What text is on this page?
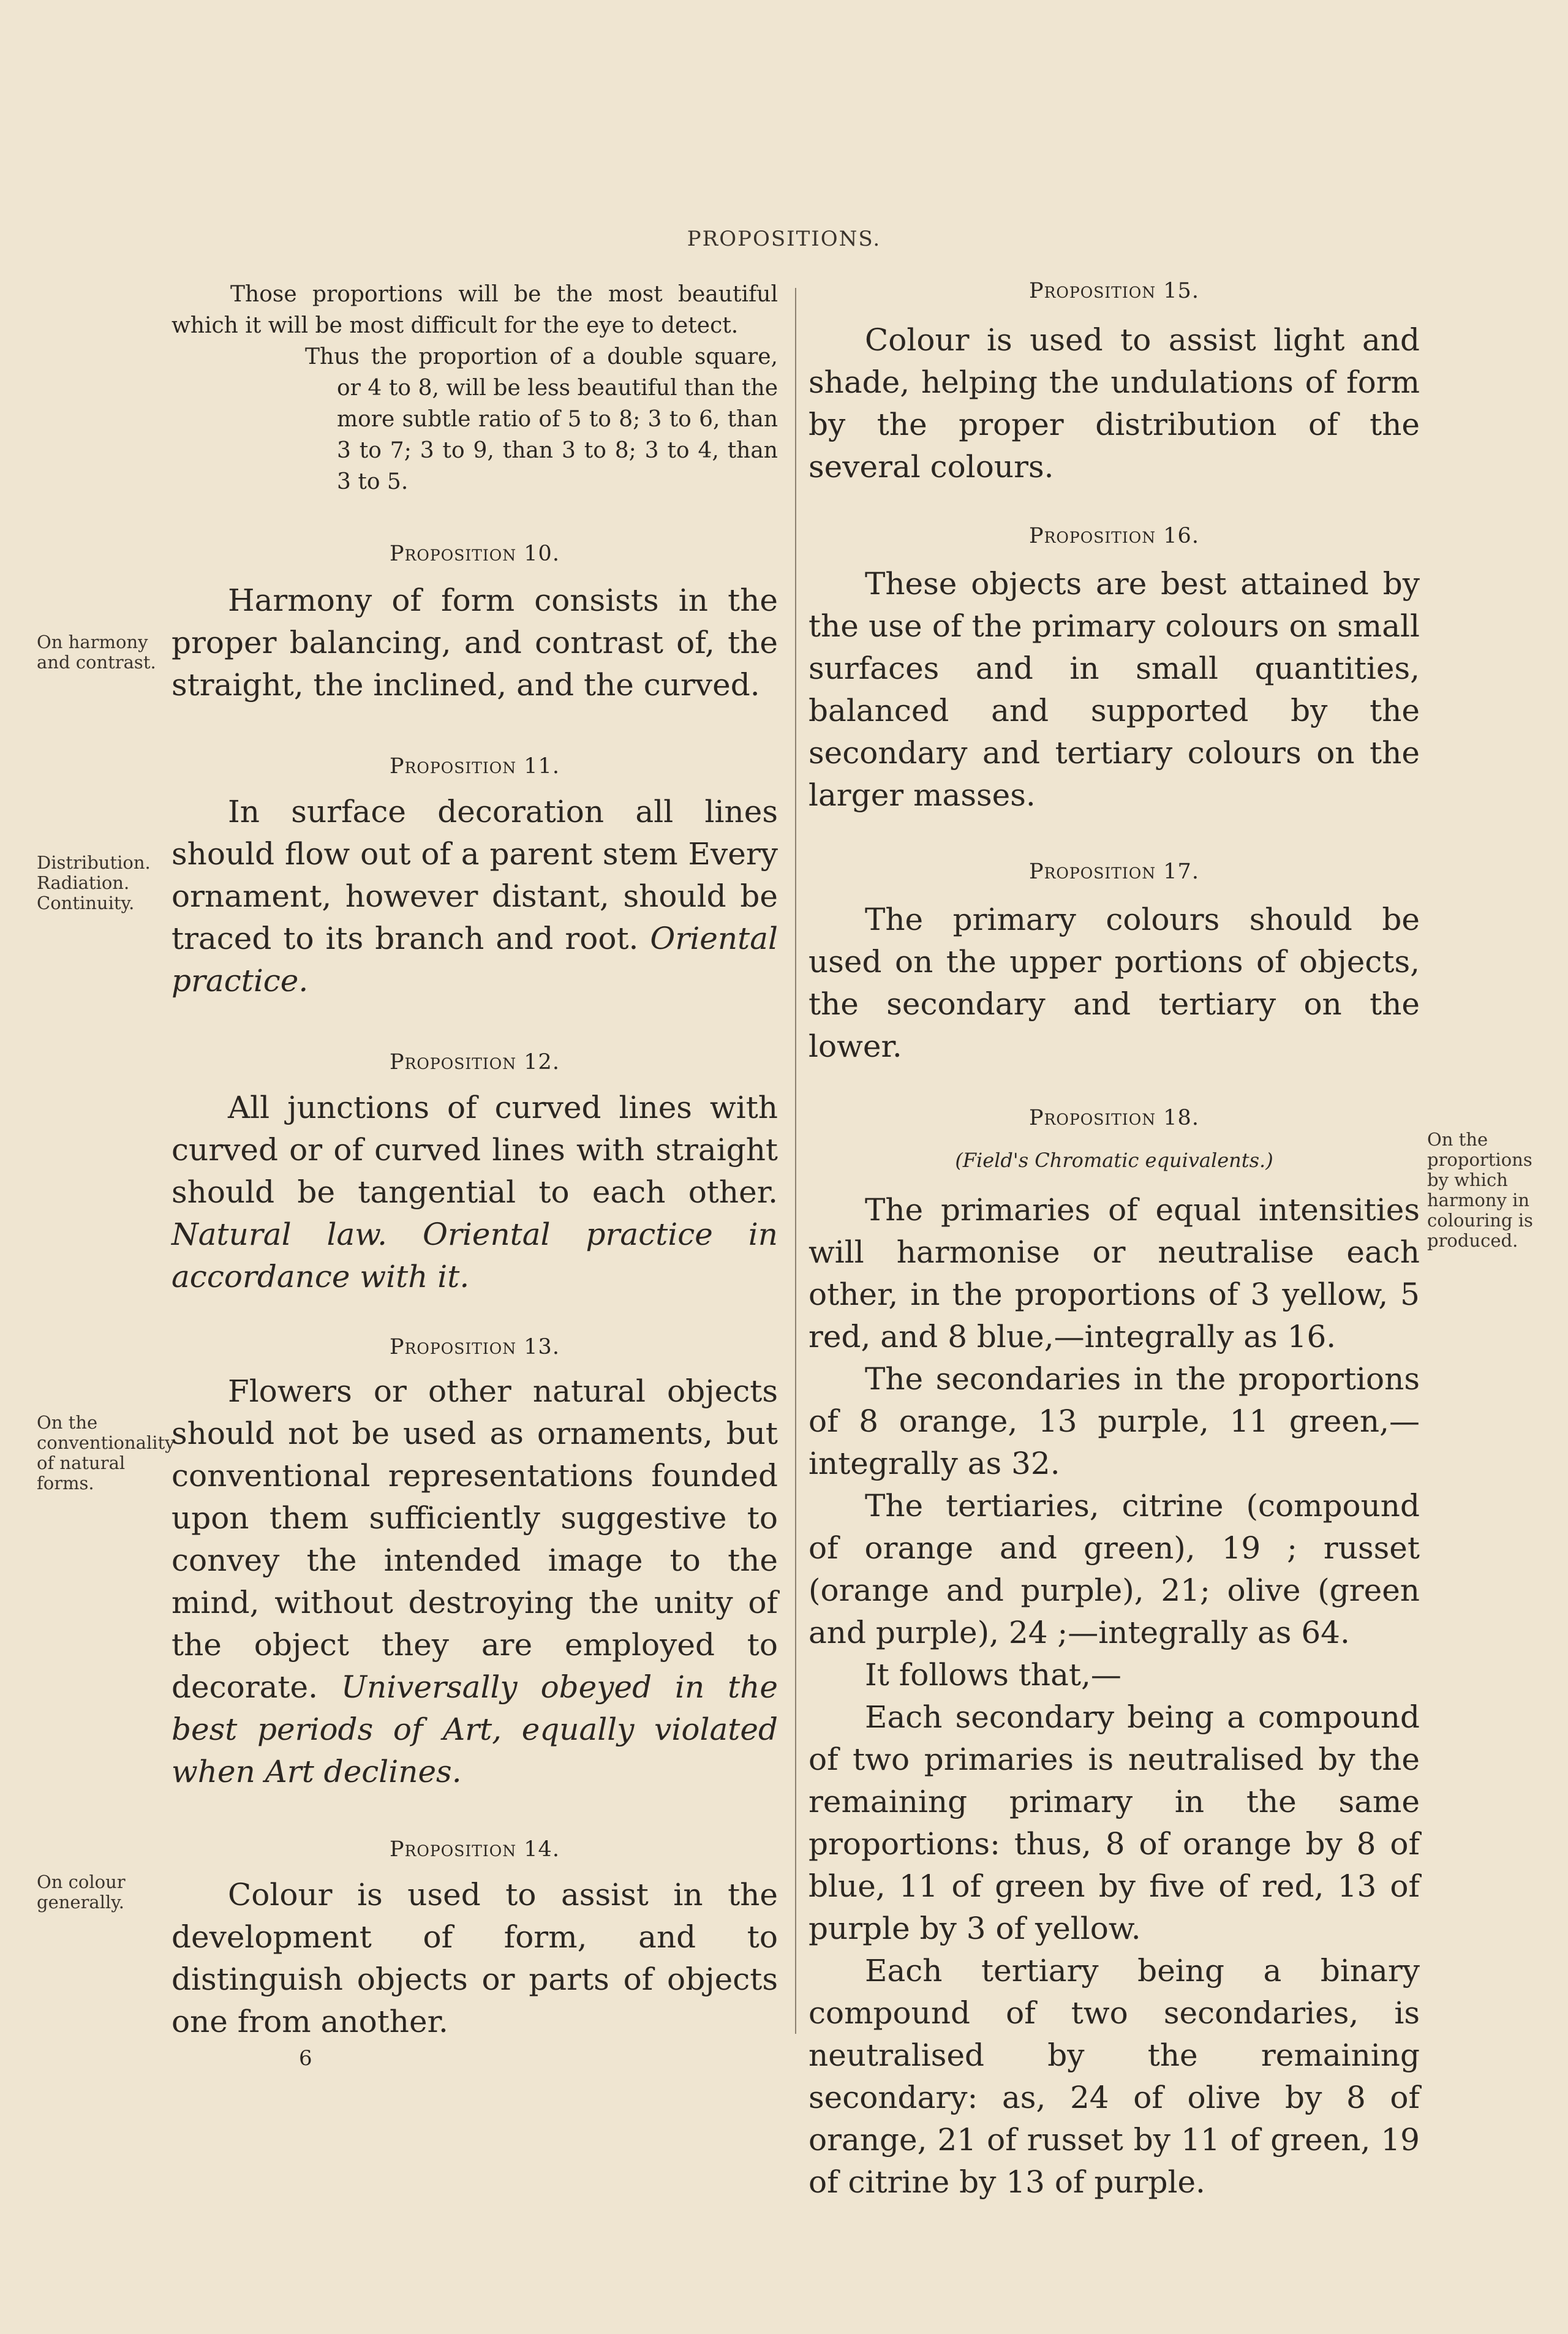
PROPOSITIONS.

On harmony and contrast.

Distribution.
Radiation.
Continuity.

On the conventionality of natural forms.

On colour generally.

On the proportions by which harmony in colouring is produced.

Those proportions will be the most beautiful which it will be most difficult for the eye to detect.

Thus the proportion of a double square, or 4 to 8, will be less beautiful than the more subtle ratio of 5 to 8; 3 to 6, than 3 to 7; 3 to 9, than 3 to 8; 3 to 4, than 3 to 5.

Proposition 10.

Harmony of form consists in the proper balancing, and contrast of, the straight, the inclined, and the curved.

Proposition 11.

In surface decoration all lines should flow out of a parent stem Every ornament, however distant, should be traced to its branch and root. Oriental practice.

Proposition 12.

All junctions of curved lines with curved or of curved lines with straight should be tangential to each other. Natural law. Oriental practice in accordance with it.

Proposition 13.

Flowers or other natural objects should not be used as ornaments, but conventional representations founded upon them sufficiently suggestive to convey the intended image to the mind, without destroying the unity of the object they are employed to decorate. Universally obeyed in the best periods of Art, equally violated when Art declines.

Proposition 14.

Colour is used to assist in the development of form, and to distinguish objects or parts of objects one from another.

Proposition 15.

Colour is used to assist light and shade, helping the undulations of form by the proper distribution of the several colours.

Proposition 16.

These objects are best attained by the use of the primary colours on small surfaces and in small quantities, balanced and supported by the secondary and tertiary colours on the larger masses.

Proposition 17.

The primary colours should be used on the upper portions of objects, the secondary and tertiary on the lower.

Proposition 18.

(Field's Chromatic equivalents.)

The primaries of equal intensities will harmonise or neutralise each other, in the proportions of 3 yellow, 5 red, and 8 blue,—integrally as 16.

The secondaries in the proportions of 8 orange, 13 purple, 11 green,—integrally as 32.

The tertiaries, citrine (compound of orange and green), 19 ; russet (orange and purple), 21; olive (green and purple), 24 ;—integrally as 64.

It follows that,—

Each secondary being a compound of two primaries is neutralised by the remaining primary in the same proportions: thus, 8 of orange by 8 of blue, 11 of green by five of red, 13 of purple by 3 of yellow.

Each tertiary being a binary compound of two secondaries, is neutralised by the remaining secondary: as, 24 of olive by 8 of orange, 21 of russet by 11 of green, 19 of citrine by 13 of purple.

6
